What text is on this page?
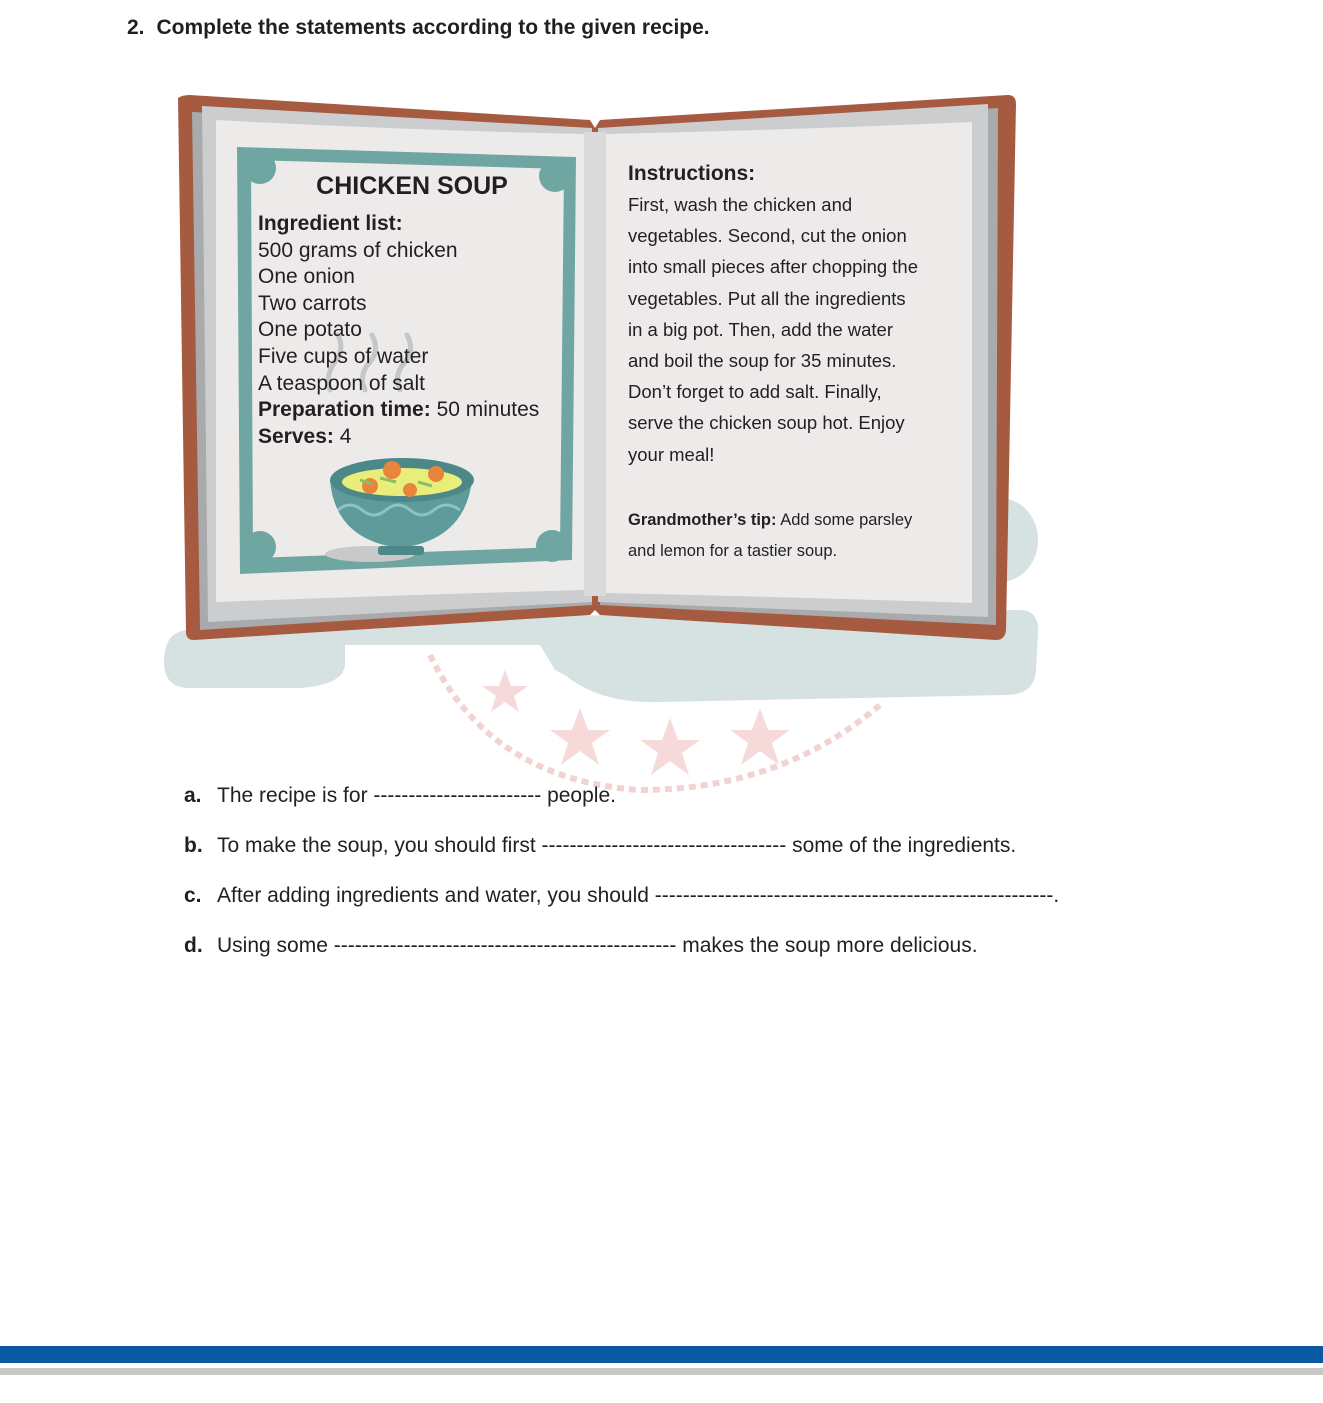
2. Complete the statements according to the given recipe.
CHICKEN SOUP
Ingredient list:
500 grams of chicken
One onion
Two carrots
One potato
Five cups of water
A teaspoon of salt
Preparation time: 50 minutes
Serves: 4
Instructions:
First, wash the chicken and
vegetables. Second, cut the onion
into small pieces after chopping the
vegetables. Put all the ingredients
in a big pot. Then, add the water
and boil the soup for 35 minutes.
Don’t forget to add salt. Finally,
serve the chicken soup hot. Enjoy
your meal!
Grandmother’s tip: Add some parsley
and lemon for a tastier soup.
a. The recipe is for ------------------------ people.
b. To make the soup, you should first ----------------------------------- some of the ingredients.
c. After adding ingredients and water, you should ---------------------------------------------------------.
d. Using some ------------------------------------------------- makes the soup more delicious.
